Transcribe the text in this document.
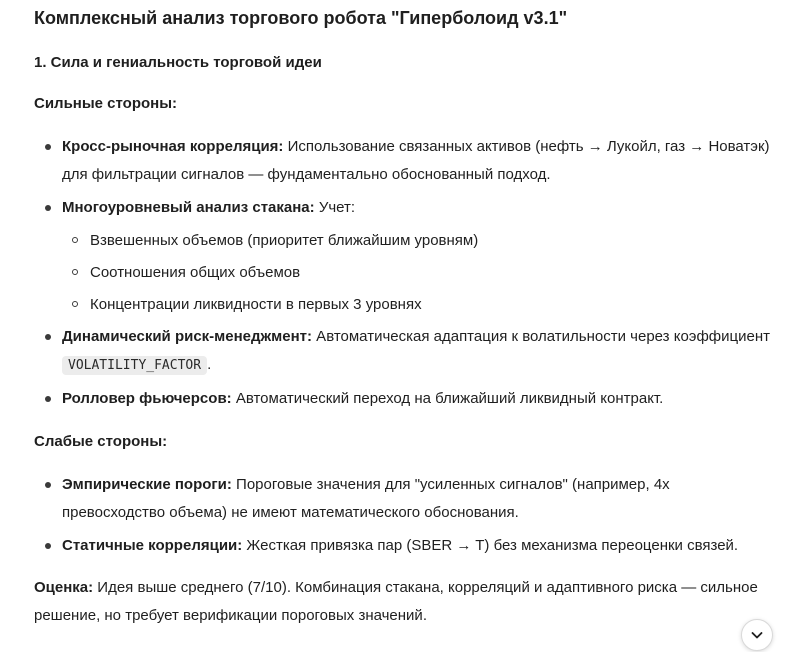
Комплексный анализ торгового робота "Гиперболоид v3.1"
1. Сила и гениальность торговой идеи
Сильные стороны:
Кросс-рыночная корреляция: Использование связанных активов (нефть → Лукойл, газ → Новатэк) для фильтрации сигналов — фундаментально обоснованный подход.
Многоуровневый анализ стакана: Учет:
Взвешенных объемов (приоритет ближайшим уровням)
Соотношения общих объемов
Концентрации ликвидности в первых 3 уровнях
Динамический риск-менеджмент: Автоматическая адаптация к волатильности через коэффициент VOLATILITY_FACTOR .
Ролловер фьючерсов: Автоматический переход на ближайший ликвидный контракт.
Слабые стороны:
Эмпирические пороги: Пороговые значения для "усиленных сигналов" (например, 4x превосходство объема) не имеют математического обоснования.
Статичные корреляции: Жесткая привязка пар (SBER → T) без механизма переоценки связей.
Оценка: Идея выше среднего (7/10). Комбинация стакана, корреляций и адаптивного риска — сильное решение, но требует верификации пороговых значений.
